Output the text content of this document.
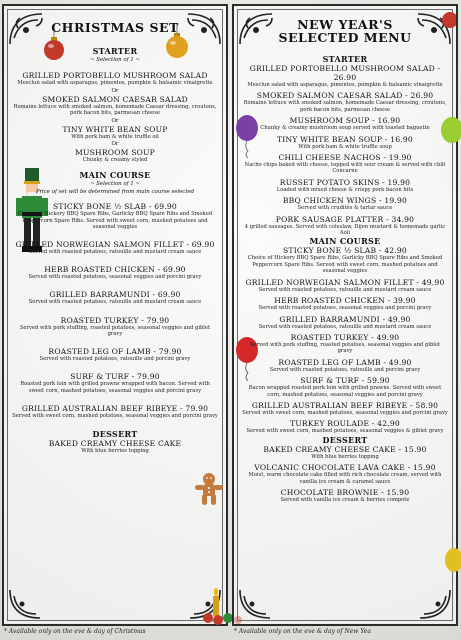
CHRISTMAS SET

STARTER

~ Selection of 1 ~

GRILLED PORTOBELLO MUSHROOM SALAD

Mesclun salad with asparagus, pimentos, pumpkin & balsamic vinaigrette

Or

SMOKED SALMON CAESAR SALAD

Romaine lettuce with smoked salmon, homemade Caesar dressing, croutons, pork bacon bits, parmesan cheese

Or

TINY WHITE BEAN SOUP

With pork ham & white truffle oil

Or

MUSHROOM SOUP

Chunky & creamy styled

MAIN COURSE

~ Selection of 1 ~

Price of set will be determined from main course selected

STICKY BONE ½ SLAB - 69.90

Choice of Hickory BBQ Spare Ribs, Garlicky BBQ Spare Ribs and Smoked Peppercorn Spare Ribs. Served with sweet corn, mashed potatoes and seasonal veggies

GRILLED NORWEGIAN SALMON FILLET - 69.90

Served with roasted potatoes, ratouille and mustard cream sauce

HERB ROASTED CHICKEN - 69.90

Served with roasted potatoes, seasonal veggies and porcini gravy

GRILLED BARRAMUNDI - 69.90

Served with roasted potatoes, ratouille and mustard cream sauce

ROASTED TURKEY - 79.90

Served with pork stuffing, roasted potatoes, seasonal veggies and giblet gravy

ROASTED LEG OF LAMB - 79.90

Served with roasted potatoes, ratouille and porcini gravy

SURF & TURF - 79.90

Roasted pork loin with grilled prawns wrapped with bacon. Served with sweet corn, mashed potatoes, seasonal veggies and porcini gravy

GRILLED AUSTRALIAN BEEF RIBEYE - 79.90

Served with sweet corn, mashed potatoes, seasonal veggies and porcini gravy

DESSERT

BAKED CREAMY CHEESE CAKE

With blue berries topping

NEW YEAR'S
SELECTED MENU

STARTER

GRILLED PORTOBELLO MUSHROOM SALAD - 26.90

Mesclun salad with asparagus, pimentos, pumpkin & balsamic vinaigrette

SMOKED SALMON CAESAR SALAD - 26.90

Romaine lettuce with smoked salmon, homemade Caesar dressing, croutons, pork bacon bits, parmesan cheese

MUSHROOM SOUP - 16.90

Chunky & creamy mushroom soup served with toasted baguette

TINY WHITE BEAN SOUP - 16.90

With pork ham & white truffle soup

CHILI CHEESE NACHOS - 19.90

Nacho chips baked with cheese, topped with sour cream & served with chili Concarne

RUSSET POTATO SKINS - 19.90

Loaded with mixed cheese & crispy pork bacon bits

BBQ CHICKEN WINGS - 19.90

Served with crudités & tartar sauce

PORK SAUSAGE PLATTER - 34.90

4 grilled sausages. Served with coleslaw, Dijon mustard & homemade garlic Aoli

MAIN COURSE

STICKY BONE ½ SLAB - 42.90

Choice of Hickory BBQ Spare Ribs, Garlicky BBQ Spare Ribs and Smoked Peppercorn Spare Ribs. Served with sweet corn, mashed potatoes and seasonal veggies

GRILLED NORWEGIAN SALMON FILLET - 49.90

Served with roasted potatoes, ratouille and mustard cream sauce

HERB ROASTED CHICKEN - 39.90

Served with roasted potatoes, seasonal veggies and porcini gravy

GRILLED BARRAMUNDI - 49.90

Served with roasted potatoes, ratouille and mustard cream sauce

ROASTED TURKEY - 49.90

Served with pork stuffing, roasted potatoes, seasonal veggies and giblet gravy

ROASTED LEG OF LAMB - 49.90

Served with roasted potatoes, ratouille and porcini gravy

SURF & TURF - 59.90

Bacon wrapped roasted pork loin with grilled prawns. Served with sweet corn, mashed potatoes, seasonal veggies and porcini gravy

GRILLED AUSTRALIAN BEEF RIBEYE - 58.90

Served with sweet corn, mashed potatoes, seasonal veggies and porcini gravy

TURKEY ROULADE - 42.90

Served with sweet corn, mashed potatoes, seasonal veggies & giblet gravy

DESSERT

BAKED CREAMY CHEESE CAKE - 15.90

With blue berries topping

VOLCANIC CHOCOLATE LAVA CAKE - 15.90

Moist, warm chocolate cake filled with rich chocolate cream, served with vanilla ice cream & caramel sauce

CHOCOLATE BROWNIE - 15.90

Served with vanilla ice cream & berries compote

* Available only on the eve & day of Christmas	* Available only on the eve & day of New Yea
